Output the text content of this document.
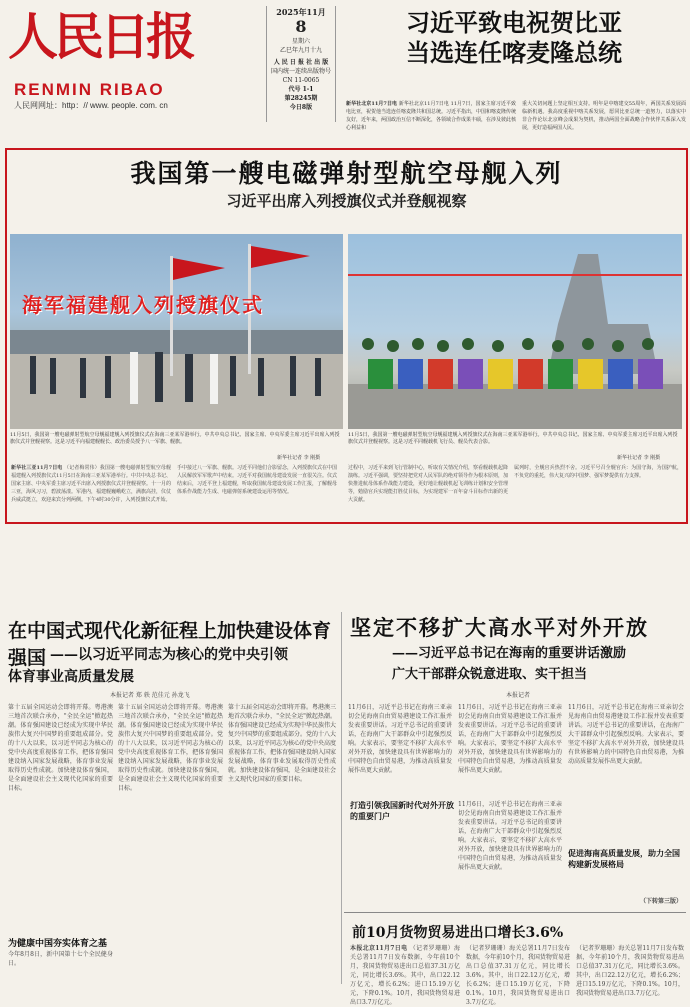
人民日报
RENMIN RIBAO
人民网网址：http：// www. people. com. cn
2025年11月
8
星期六
乙巳年九月十九
人 民 日 报 社 出 版
国内统一连续出版物号
CN 11-0065
代号 1-1
第28245期
今日8版
习近平致电祝贺比亚
当选连任喀麦隆总统
新华社北京11月7日电 新华社北京11月7日电 11月7日，国家主席习近平致电比亚，祝贺他当选连任喀麦隆共和国总统。习近平指出，中国和喀麦隆传统友好，近年来，两国政治互信不断深化，各领域合作成果丰硕，在涉及彼此核心利益和
重大关切问题上坚定相互支持。明年是中喀建交55周年，两国关系发展面临新机遇。我高度重视中喀关系发展，愿同比亚总统一道努力，以落实中非合作论坛北京峰会成果为契机，推动两国全面战略合作伙伴关系深入发展，更好造福两国人民。
我国第一艘电磁弹射型航空母舰入列
习近平出席入列授旗仪式并登舰视察
海军福建舰入列授旗仪式
11月5日，我国第一艘电磁弹射型航空母舰福建舰入列授旗仪式在海南三亚某军港举行。中共中央总书记、国家主席、中央军委主席习近平出席入列授旗仪式并登舰视察。这是习近平向福建舰舰长、政治委员授予八一军旗、舰旗。
新华社记者 李 刚摄
11月5日，我国第一艘电磁弹射型航空母舰福建舰入列授旗仪式在海南三亚某军港举行。中共中央总书记、国家主席、中央军委主席习近平出席入列授旗仪式并登舰视察。这是习近平同舰载机飞行员、舰员代表合影。
新华社记者 李 刚摄
新华社三亚11月7日电 （记者梅常伟）我国第一艘电磁弹射型航空母舰福建舰入列授旗仪式11月5日在海南三亚某军港举行。中共中央总书记、国家主席、中央军委主席习近平出席入列授旗仪式并登舰视察。十一月的三亚，海风习习，碧波荡漾。军港内，福建舰巍峨屹立，满旗高挂，仪仗兵威武挺立，欢迎来宾分列两侧。下午4时30分许，入列授旗仪式开始。
手中接过八一军旗、舰旗。习近平同他们合影留念，入列授旗仪式在中国人民解放军军歌声中结束。习近平对我国航母建设发展一直很关注。仪式结束后，习近平登上福建舰，听取我国航母建设发展工作汇报，了解舰母体系作战能力生成、电磁弹射系统建设运用等情况。
过程中，习近平来到飞行管制中心，听取有关情况介绍，察看舰载机起降演练。习近平强调，要坚持把党对人民军队的绝对领导作为根本原则，加快推进航母体系作战能力建设，更好地让舰载机起飞训练计划和安全管理等，勉励官兵实现能打胜仗目标，为实现建军一百年奋斗目标作出新的更大贡献。
属列时，全舰官兵热烈不舍。习近平号召全舰官兵：为国守海，为国护航，不负党的重托，伟大复兴的中国梦、强军梦提供有力支撑。
在中国式现代化新征程上加快建设体育强国 ——以习近平同志为核心的党中央引领
体育事业高质量发展
本报记者 郑 轶 范佳元 孙龙飞
第十五届全国运动会即将开幕。粤港澳三地首次联合承办，"全民全运"掀起热潮。体育强国建设已经成为实现中华民族伟大复兴中国梦的重要组成部分。党的十八大以来，以习近平同志为核心的党中央高度重视体育工作，把体育强国建设纳入国家发展战略，体育事业发展取得历史性成就。加快建设体育强国，是全面建设社会主义现代化国家的重要目标。
第十五届全国运动会即将开幕。粤港澳三地首次联合承办，"全民全运"掀起热潮。体育强国建设已经成为实现中华民族伟大复兴中国梦的重要组成部分。党的十八大以来，以习近平同志为核心的党中央高度重视体育工作，把体育强国建设纳入国家发展战略，体育事业发展取得历史性成就。加快建设体育强国，是全面建设社会主义现代化国家的重要目标。
第十五届全国运动会即将开幕。粤港澳三地首次联合承办，"全民全运"掀起热潮。体育强国建设已经成为实现中华民族伟大复兴中国梦的重要组成部分。党的十八大以来，以习近平同志为核心的党中央高度重视体育工作，把体育强国建设纳入国家发展战略，体育事业发展取得历史性成就。加快建设体育强国，是全面建设社会主义现代化国家的重要目标。
为健康中国夯实体育之基
今年8月8日，新中国第十七个全民健身日。
坚定不移扩大高水平对外开放
——习近平总书记在海南的重要讲话激励
广大干部群众锐意进取、实干担当
本报记者
11月6日，习近平总书记在海南三亚亲切会见海南自由贸易港建设工作汇报并发表重要讲话。习近平总书记的重要讲话，在海南广大干部群众中引起强烈反响。大家表示，要坚定不移扩大高水平对外开放，加快建设具有世界影响力的中国特色自由贸易港，为推动高质量发展作出更大贡献。
11月6日，习近平总书记在海南三亚亲切会见海南自由贸易港建设工作汇报并发表重要讲话。习近平总书记的重要讲话，在海南广大干部群众中引起强烈反响。大家表示，要坚定不移扩大高水平对外开放，加快建设具有世界影响力的中国特色自由贸易港，为推动高质量发展作出更大贡献。
11月6日，习近平总书记在海南三亚亲切会见海南自由贸易港建设工作汇报并发表重要讲话。习近平总书记的重要讲话，在海南广大干部群众中引起强烈反响。大家表示，要坚定不移扩大高水平对外开放，加快建设具有世界影响力的中国特色自由贸易港，为推动高质量发展作出更大贡献。
打造引领我国新时代对外开放的重要门户
11月6日，习近平总书记在海南三亚亲切会见海南自由贸易港建设工作汇报并发表重要讲话。习近平总书记的重要讲话，在海南广大干部群众中引起强烈反响。大家表示，要坚定不移扩大高水平对外开放，加快建设具有世界影响力的中国特色自由贸易港，为推动高质量发展作出更大贡献。
促进海南高质量发展，助力全国构建新发展格局
（下转第三版）
前10月货物贸易进出口增长3.6%
本报北京11月7日电 （记者罗珊珊）海关总署11月7日发布数据，今年前10个月，我国货物贸易进出口总值37.31万亿元，同比增长3.6%。其中，出口22.12万亿元，增长6.2%；进口15.19万亿元，下降0.1%。10月，我国货物贸易进出口3.7万亿元。
（记者罗珊珊）海关总署11月7日发布数据，今年前10个月，我国货物贸易进出口总值37.31万亿元，同比增长3.6%。其中，出口22.12万亿元，增长6.2%；进口15.19万亿元，下降0.1%。10月，我国货物贸易进出口3.7万亿元。
（记者罗珊珊）海关总署11月7日发布数据，今年前10个月，我国货物贸易进出口总值37.31万亿元，同比增长3.6%。其中，出口22.12万亿元，增长6.2%；进口15.19万亿元，下降0.1%。10月，我国货物贸易进出口3.7万亿元。
